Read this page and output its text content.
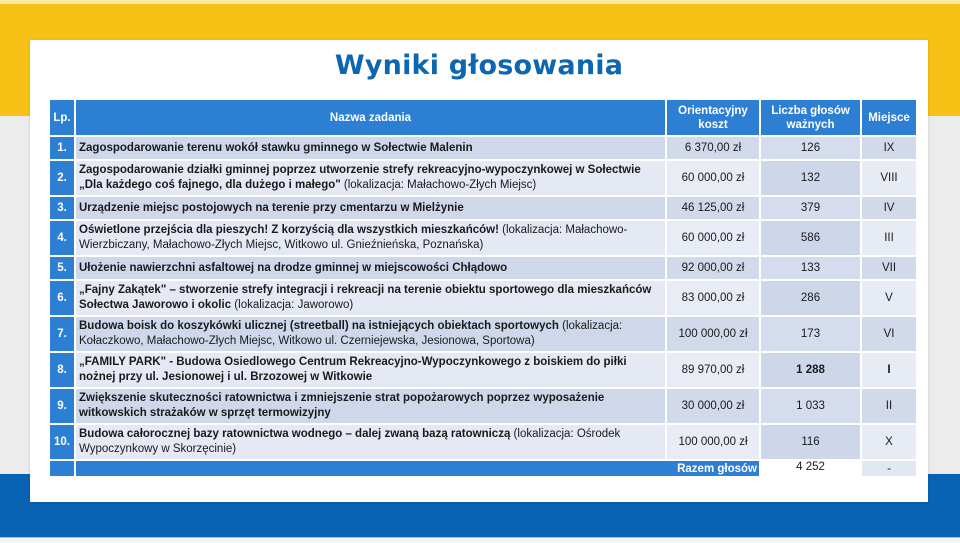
Wyniki głosowania
Lp.	Nazwa zadania	Orientacyjny koszt	Liczba głosów ważnych	Miejsce
1.	Zagospodarowanie terenu wokół stawku gminnego w Sołectwie Malenin	6 370,00 zł	126	IX
2.	Zagospodarowanie działki gminnej poprzez utworzenie strefy rekreacyjno-wypoczynkowej w Sołectwie „Dla każdego coś fajnego, dla dużego i małego" (lokalizacja: Małachowo-Złych Miejsc)	60 000,00 zł	132	VIII
3.	Urządzenie miejsc postojowych na terenie przy cmentarzu w Mielżynie	46 125,00 zł	379	IV
4.	Oświetlone przejścia dla pieszych! Z korzyścią dla wszystkich mieszkańców! (lokalizacja: Małachowo-Wierzbiczany, Małachowo-Złych Miejsc, Witkowo ul. Gnieźnieńska, Poznańska)	60 000,00 zł	586	III
5.	Ułożenie nawierzchni asfaltowej na drodze gminnej w miejscowości Chłądowo	92 000,00 zł	133	VII
6.	„Fajny Zakątek" – stworzenie strefy integracji i rekreacji na terenie obiektu sportowego dla mieszkańców Sołectwa Jaworowo i okolic (lokalizacja: Jaworowo)	83 000,00 zł	286	V
7.	Budowa boisk do koszykówki ulicznej (streetball) na istniejących obiektach sportowych (lokalizacja: Kołaczkowo, Małachowo-Złych Miejsc, Witkowo ul. Czerniejewska, Jesionowa, Sportowa)	100 000,00 zł	173	VI
8.	„FAMILY PARK" - Budowa Osiedlowego Centrum Rekreacyjno-Wypoczynkowego z boiskiem do piłki nożnej przy ul. Jesionowej i ul. Brzozowej w Witkowie	89 970,00 zł	1 288	I
9.	Zwiększenie skuteczności ratownictwa i zmniejszenie strat popożarowych poprzez wyposażenie witkowskich strażaków w sprzęt termowizyjny	30 000,00 zł	1 033	II
10.	Budowa całorocznej bazy ratownictwa wodnego – dalej zwaną bazą ratowniczą (lokalizacja: Ośrodek Wypoczynkowy w Skorzęcinie)	100 000,00 zł	116	X
	Razem głosów		4 252	-
